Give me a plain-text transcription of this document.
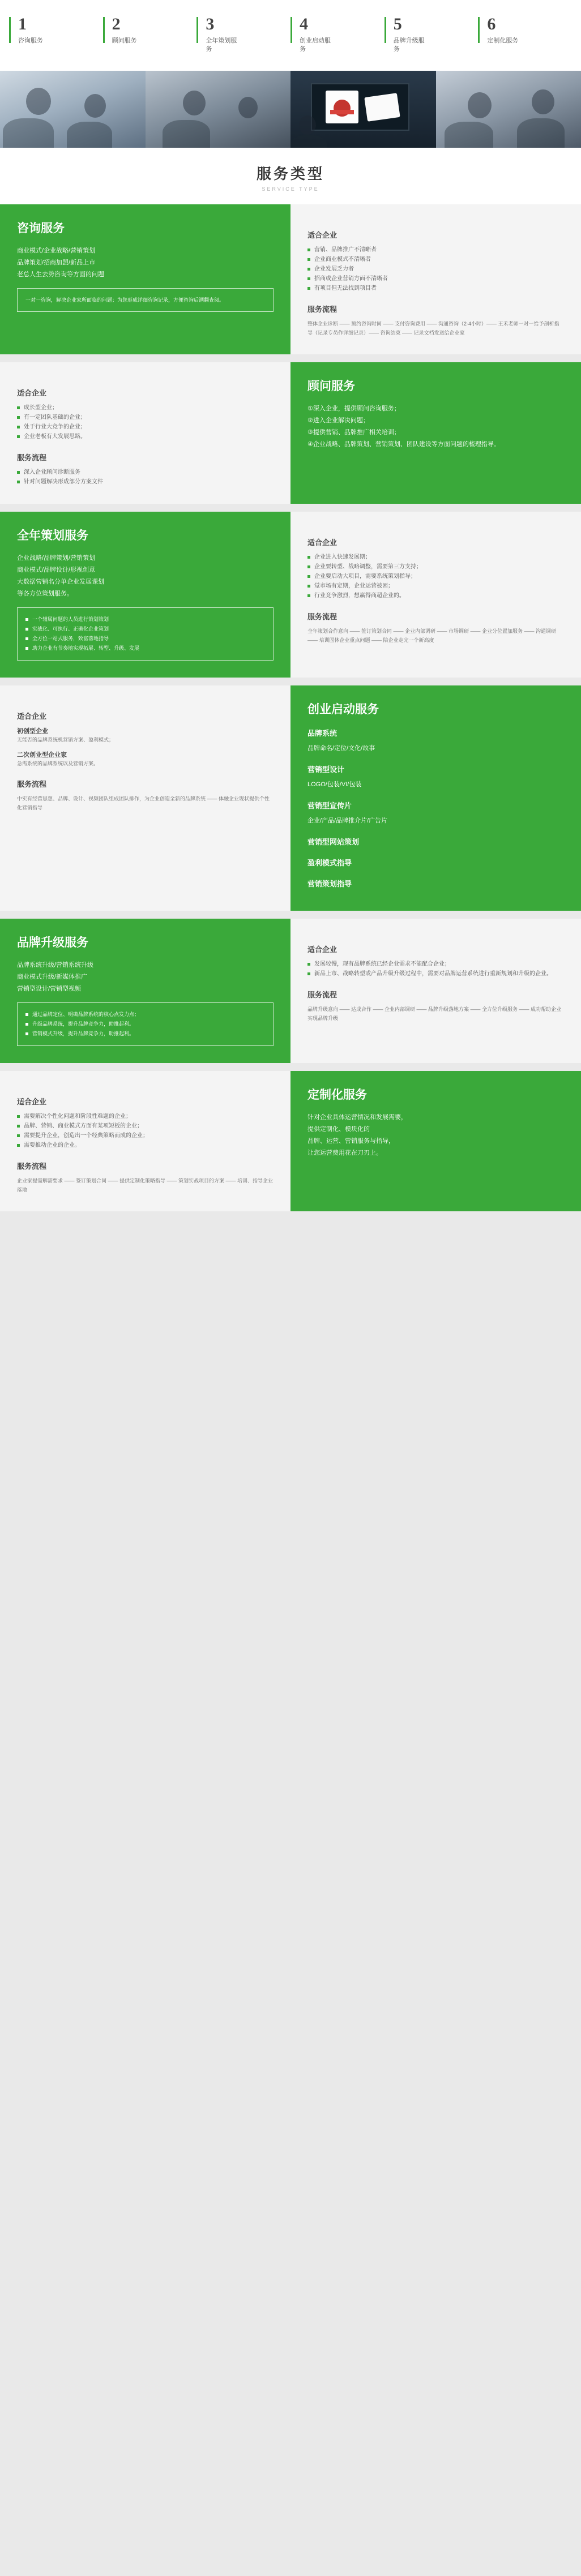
1
咨询服务
2
顾问服务
3
全年策划服务
4
创业启动服务
5
品牌升级服务
6
定制化服务
服务类型
SERVICE TYPE
咨询服务
商业模式/企业战略/营销策划
品牌策划/招商加盟/新品上市
老总人生去势咨询等方面的问题
一对一咨询，解决企业家所面临的问题；为您形成详细咨询记录，方便咨询后溯翻查阅。
适合企业
营销、品牌推广不清晰者
企业商业模式不清晰者
企业发展乏力者
招商或企业营销方面不清晰者
有项目但无法找到项目者
服务流程

整体企业诊断 —— 预约咨询时间 —— 支付咨询费用 —— 沟通咨询（2-4小时）—— 王禾老师一对一给予剖析指导（记录专员作详细记录）—— 咨询结束 —— 记录文档发送给企业家

适合企业
成长型企业；
有一定团队基础的企业；
处于行业大竞争的企业；
企业老板有大发展思路。
服务流程
深入企业顾问诊断服务
针对问题解决形成部分方案文件
顾问服务
①深入企业，提供顾问咨询服务；
②进入企业解决问题；
③提供营销、品牌推广相关培训；
④企业战略、品牌策划、营销策划、团队建设等方面问题的梳理指导。
全年策划服务
企业战略/品牌策划/营销策划
商业模式/品牌设计/形视创意
大数据营销名分单企业发展课划
等各方位策划服务。
一个辅属问题的人员进行策划策划
实战化、可执行、正确化企业策划
全方位一站式服务，致富落地指导
助力企业有节奏地实现拓展、转型、升级、发展
适合企业
企业进入快速发展期；
企业要转型、战略调整，需要第三方支持；
企业要启动大项目，需要系统策划指导；
觉市场有定期，企业运营被困；
行业竞争激烈，想赢得商超企业的。
服务流程

全年策划合作意向 —— 签订策划合同 —— 企业内部调研 —— 市场调研 —— 企业分位置加服务 —— 沟通调研 —— 培训固体企业重点问题 —— 陪企业走完一个新高度

适合企业
初创型企业

无能否的品牌系统机营销方案、盈利模式；

二次创业型企业家

急需系统的品牌系统以及营销方案。

服务流程

中实有经营思想、品牌、设计、视频团队组成团队排作，为企业创造全新的品牌系统 —— 体融企业现状提供个性化营销指导

创业启动服务
品牌系统
品牌命名/定位/文化/故事
营销型设计
LOGO/包装/VI/包装
营销型宣传片
企业/产品/品牌推介片/广告片
营销型网站策划
盈利模式指导
营销策划指导
品牌升级服务
品牌系统升级/营销系统升级
商业模式升级/新媒体推广
营销型设计/营销型视频
通过品牌定位、明确品牌系统的核心点发力点；
升级品牌系统，提升品牌竞争力，助推起利。
营销模式升级，提升品牌竞争力，助推起利。
适合企业
发展较慢，现有品牌系统已经企业需求不能配合企业；
新品上市、战略转型或产品升级升级过程中，需要对品牌运营系统进行重新规划和升级的企业。
服务流程

品牌升级意向 —— 达成合作 —— 企业内部调研 —— 品牌升级落地方案 —— 全方位升级服务 —— 成功帮助企业实现品牌升级

适合企业
需要解决个性化问题和阶段性难题的企业；
品牌、营销、商业模式方面有某项短板的企业；
需要提升企业，创造出一个经典策略而成的企业；
需要推动企业的企业。
服务流程

企业家提需解需要求 —— 签订策划合同 —— 提供定制化策略指导 —— 策划实战项目的方案 —— 培训、指导企业落地

定制化服务
针对企业具体运营情况和发展需要，
提供定制化、模块化的
品牌、运营、营销服务与指导，
让您运营费用花在刀刃上。
